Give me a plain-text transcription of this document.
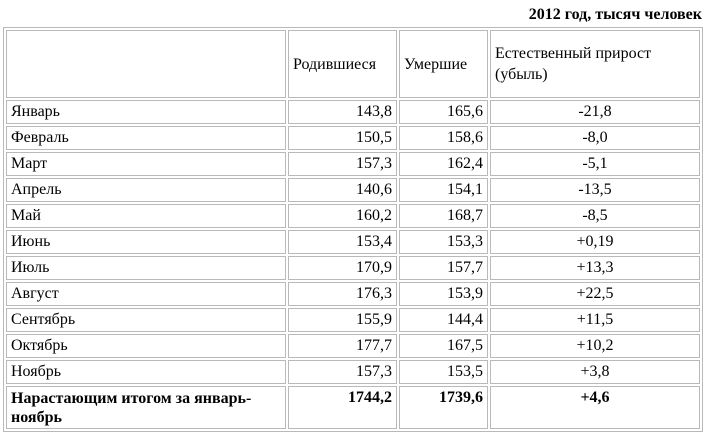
2012 год, тысяч человек
	Родившиеся	Умершие	Естественный прирост (убыль)
Январь	143,8	165,6	-21,8
Февраль	150,5	158,6	-8,0
Март	157,3	162,4	-5,1
Апрель	140,6	154,1	-13,5
Май	160,2	168,7	-8,5
Июнь	153,4	153,3	+0,19
Июль	170,9	157,7	+13,3
Август	176,3	153,9	+22,5
Сентябрь	155,9	144,4	+11,5
Октябрь	177,7	167,5	+10,2
Ноябрь	157,3	153,5	+3,8
Нарастающим итогом за январь-ноябрь	1744,2	1739,6	+4,6
